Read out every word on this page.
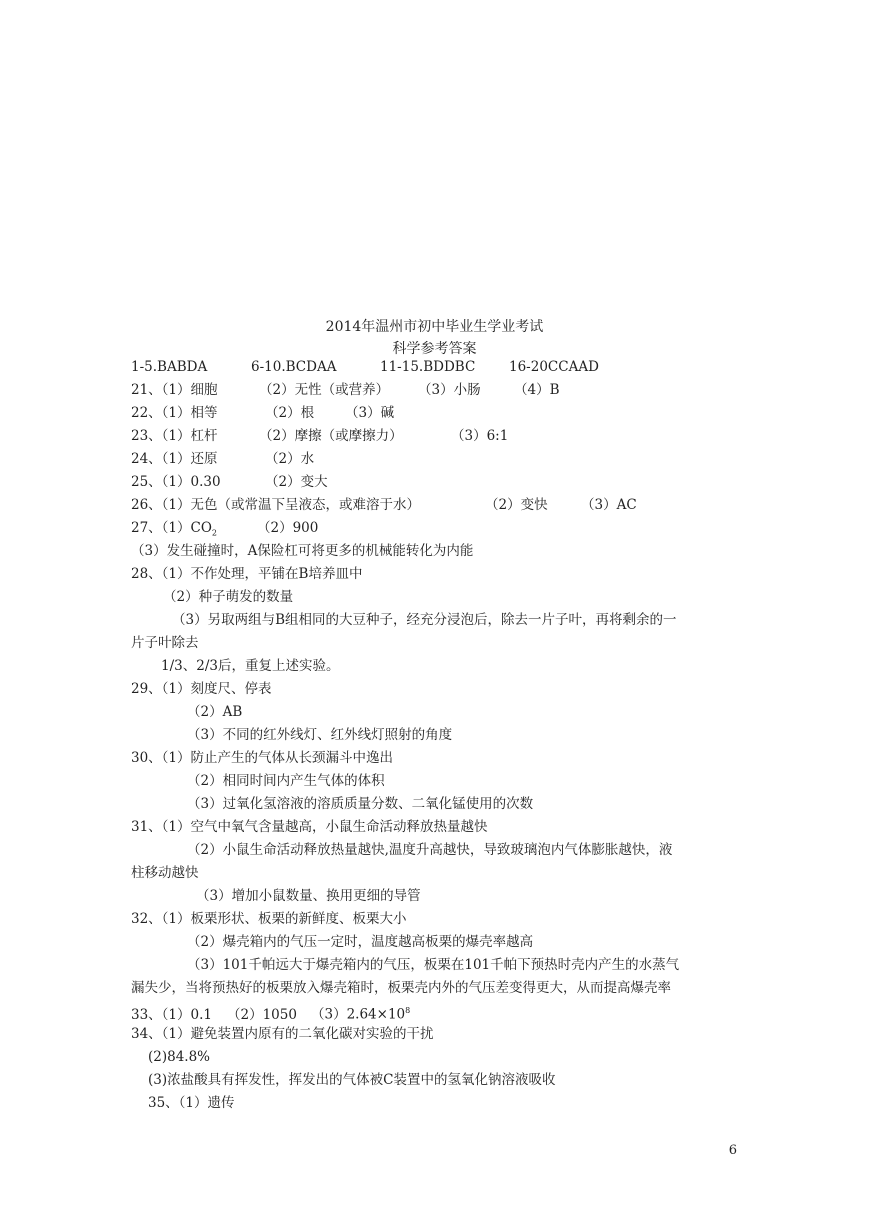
2014年温州市初中毕业生学业考试
科学参考答案
1-5.BABDA	6-10.BCDAA	11-15.BDDBC 16-20CCAAD
21、（1）细胞	（2）无性（或营养） （3）小肠 （4）B
22、（1）相等	（2）根 （3）碱
23、（1）杠杆	（2）摩擦（或摩擦力）	（3）6:1
24、（1）还原	（2）水
25、（1）0.30	（2）变大
26、（1）无色（或常温下呈液态，或难溶于水）	（2）变快 （3）AC
27、$(1)CO_2$	（2）900
（3）发生碰撞时，A保险杠可将更多的机械能转化为内能
28、（1）不作处理，平铺在B培养皿中
（2）种子萌发的数量
（3）另取两组与B组相同的大豆种子，经充分浸泡后，除去一片子叶，再将剩余的一
片子叶除去
1/3、2/3后，重复上述实验。
29、（1）刻度尺、停表
（2）AB
（3）不同的红外线灯、红外线灯照射的角度
30、（1）防止产生的气体从长颈漏斗中逸出
（2）相同时间内产生气体的体积
（3）过氧化氢溶液的溶质质量分数、二氧化锰使用的次数
31、（1）空气中氧气含量越高，小鼠生命活动释放热量越快
（2）小鼠生命活动释放热量越快,温度升高越快，导致玻璃泡内气体膨胀越快，液
柱移动越快
（3）增加小鼠数量、换用更细的导管
32、（1）板栗形状、板栗的新鲜度、板栗大小
（2）爆壳箱内的气压一定时，温度越高板栗的爆壳率越高
（3）101千帕远大于爆壳箱内的气压，板栗在101千帕下预热时壳内产生的水蒸气
漏失少，当将预热好的板栗放入爆壳箱时，板栗壳内外的气压差变得更大，从而提高爆壳率
33、（1）0.1 （2）1050 $(3)2.64\times 10^8$
34、（1）避免装置内原有的二氧化碳对实验的干扰
(2)84.8%
(3)浓盐酸具有挥发性，挥发出的气体被C装置中的氢氧化钠溶液吸收
35、（1）遗传
6
